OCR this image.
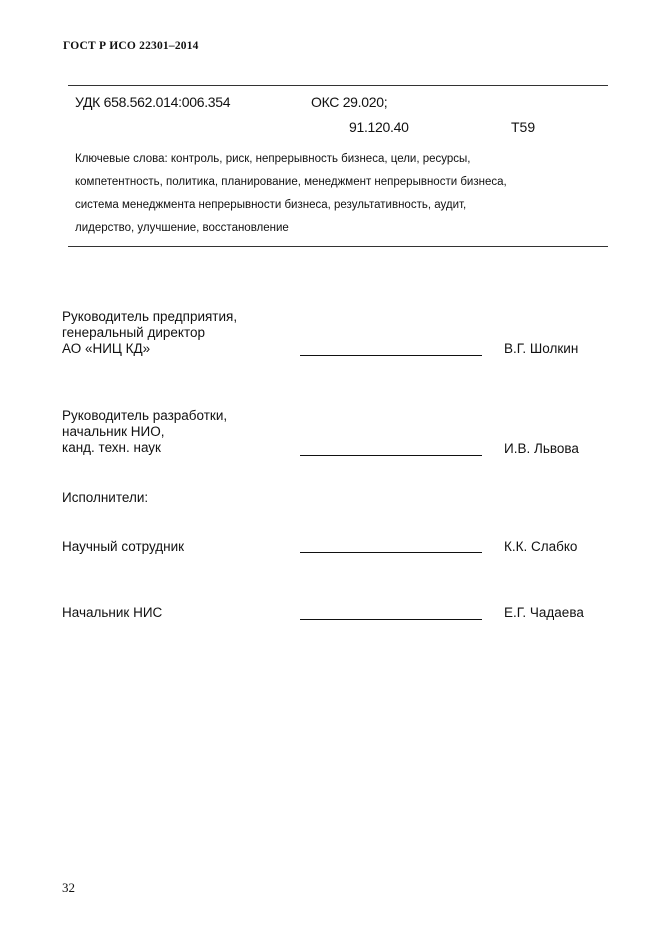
ГОСТ Р ИСО 22301–2014
УДК 658.562.014:006.354	ОКС 29.020;
91.120.40	Т59
Ключевые слова: контроль, риск, непрерывность бизнеса, цели, ресурсы,
компетентность, политика, планирование, менеджмент непрерывности бизнеса,
система менеджмента непрерывности бизнеса, результативность, аудит,
лидерство, улучшение, восстановление
Руководитель предприятия,
генеральный директор
АО «НИЦ КД»	В.Г. Шолкин
Руководитель разработки,
начальник НИО,
канд. техн. наук	И.В. Львова
Исполнители:
Научный сотрудник	К.К. Слабко
Начальник НИС	Е.Г. Чадаева
32
